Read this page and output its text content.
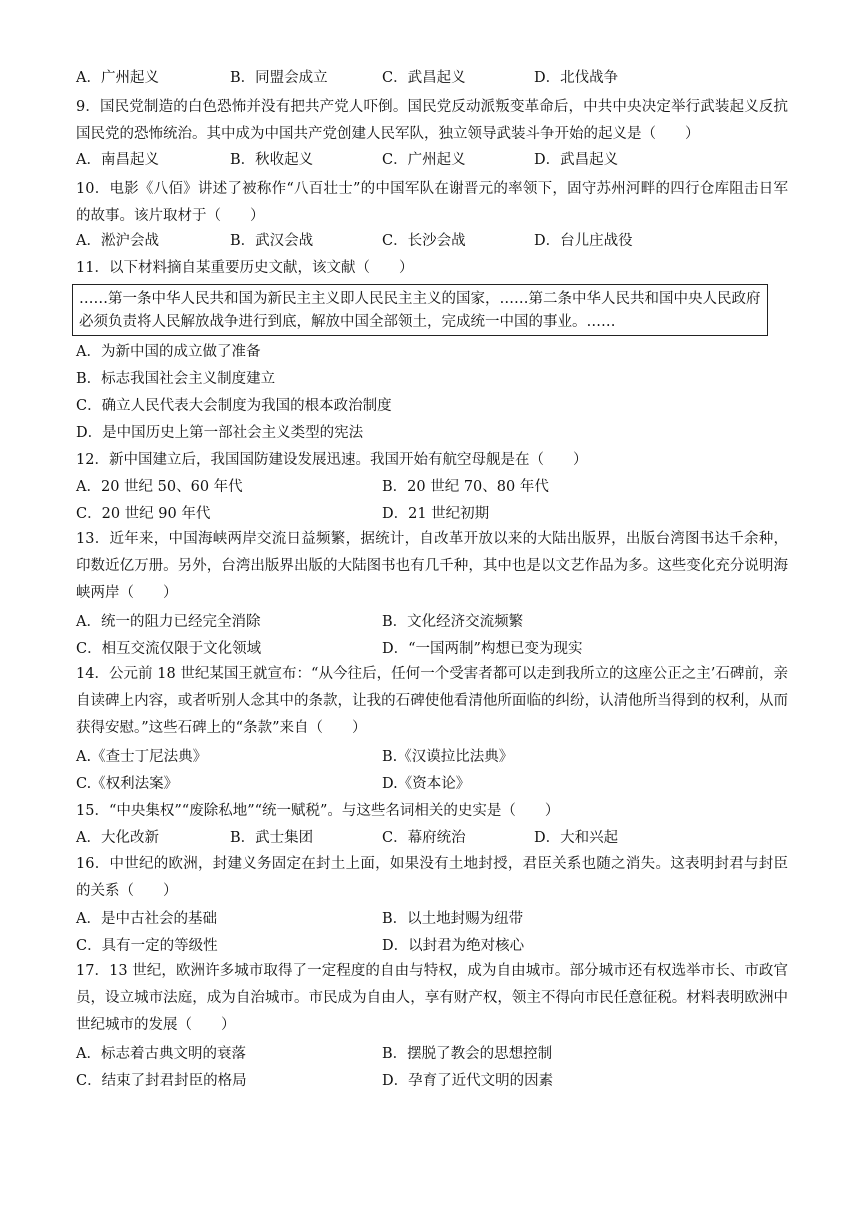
A．广州起义	B．同盟会成立	C．武昌起义	D．北伐战争
9．国民党制造的白色恐怖并没有把共产党人吓倒。国民党反动派叛变革命后，中共中央决定举行武装起义反抗国民党的恐怖统治。其中成为中国共产党创建人民军队，独立领导武装斗争开始的起义是（　　）
A．南昌起义	B．秋收起义	C．广州起义	D．武昌起义
10．电影《八佰》讲述了被称作“八百壮士”的中国军队在谢晋元的率领下，固守苏州河畔的四行仓库阻击日军的故事。该片取材于（　　）
A．淞沪会战	B．武汉会战	C．长沙会战	D．台儿庄战役
11．以下材料摘自某重要历史文献，该文献（　　）
……第一条中华人民共和国为新民主主义即人民民主主义的国家，……第二条中华人民共和国中央人民政府必须负责将人民解放战争进行到底，解放中国全部领土，完成统一中国的事业。……
A．为新中国的成立做了准备
B．标志我国社会主义制度建立
C．确立人民代表大会制度为我国的根本政治制度
D．是中国历史上第一部社会主义类型的宪法
12．新中国建立后，我国国防建设发展迅速。我国开始有航空母舰是在（　　）
A．20 世纪 50、60 年代	B．20 世纪 70、80 年代
C．20 世纪 90 年代	D．21 世纪初期
13．近年来，中国海峡两岸交流日益频繁，据统计，自改革开放以来的大陆出版界，出版台湾图书达千余种，印数近亿万册。另外，台湾出版界出版的大陆图书也有几千种，其中也是以文艺作品为多。这些变化充分说明海峡两岸（　　）
A．统一的阻力已经完全消除	B．文化经济交流频繁
C．相互交流仅限于文化领域	D．“一国两制”构想已变为现实
14．公元前 18 世纪某国王就宣布：“从今往后，任何一个受害者都可以走到我所立的这座公正之主’石碑前，亲自读碑上内容，或者听别人念其中的条款，让我的石碑使他看清他所面临的纠纷，认清他所当得到的权利，从而获得安慰。”这些石碑上的“条款”来自（　　）
A.《查士丁尼法典》	B.《汉谟拉比法典》
C.《权利法案》	D.《资本论》
15．“中央集权”“废除私地”“统一赋税”。与这些名词相关的史实是（　　）
A．大化改新	B．武士集团	C．幕府统治	D．大和兴起
16．中世纪的欧洲，封建义务固定在封土上面，如果没有土地封授，君臣关系也随之消失。这表明封君与封臣的关系（　　）
A．是中古社会的基础	B．以土地封赐为纽带
C．具有一定的等级性	D．以封君为绝对核心
17．13 世纪，欧洲许多城市取得了一定程度的自由与特权，成为自由城市。部分城市还有权选举市长、市政官员，设立城市法庭，成为自治城市。市民成为自由人，享有财产权，领主不得向市民任意征税。材料表明欧洲中世纪城市的发展（　　）
A．标志着古典文明的衰落	B．摆脱了教会的思想控制
C．结束了封君封臣的格局	D．孕育了近代文明的因素
